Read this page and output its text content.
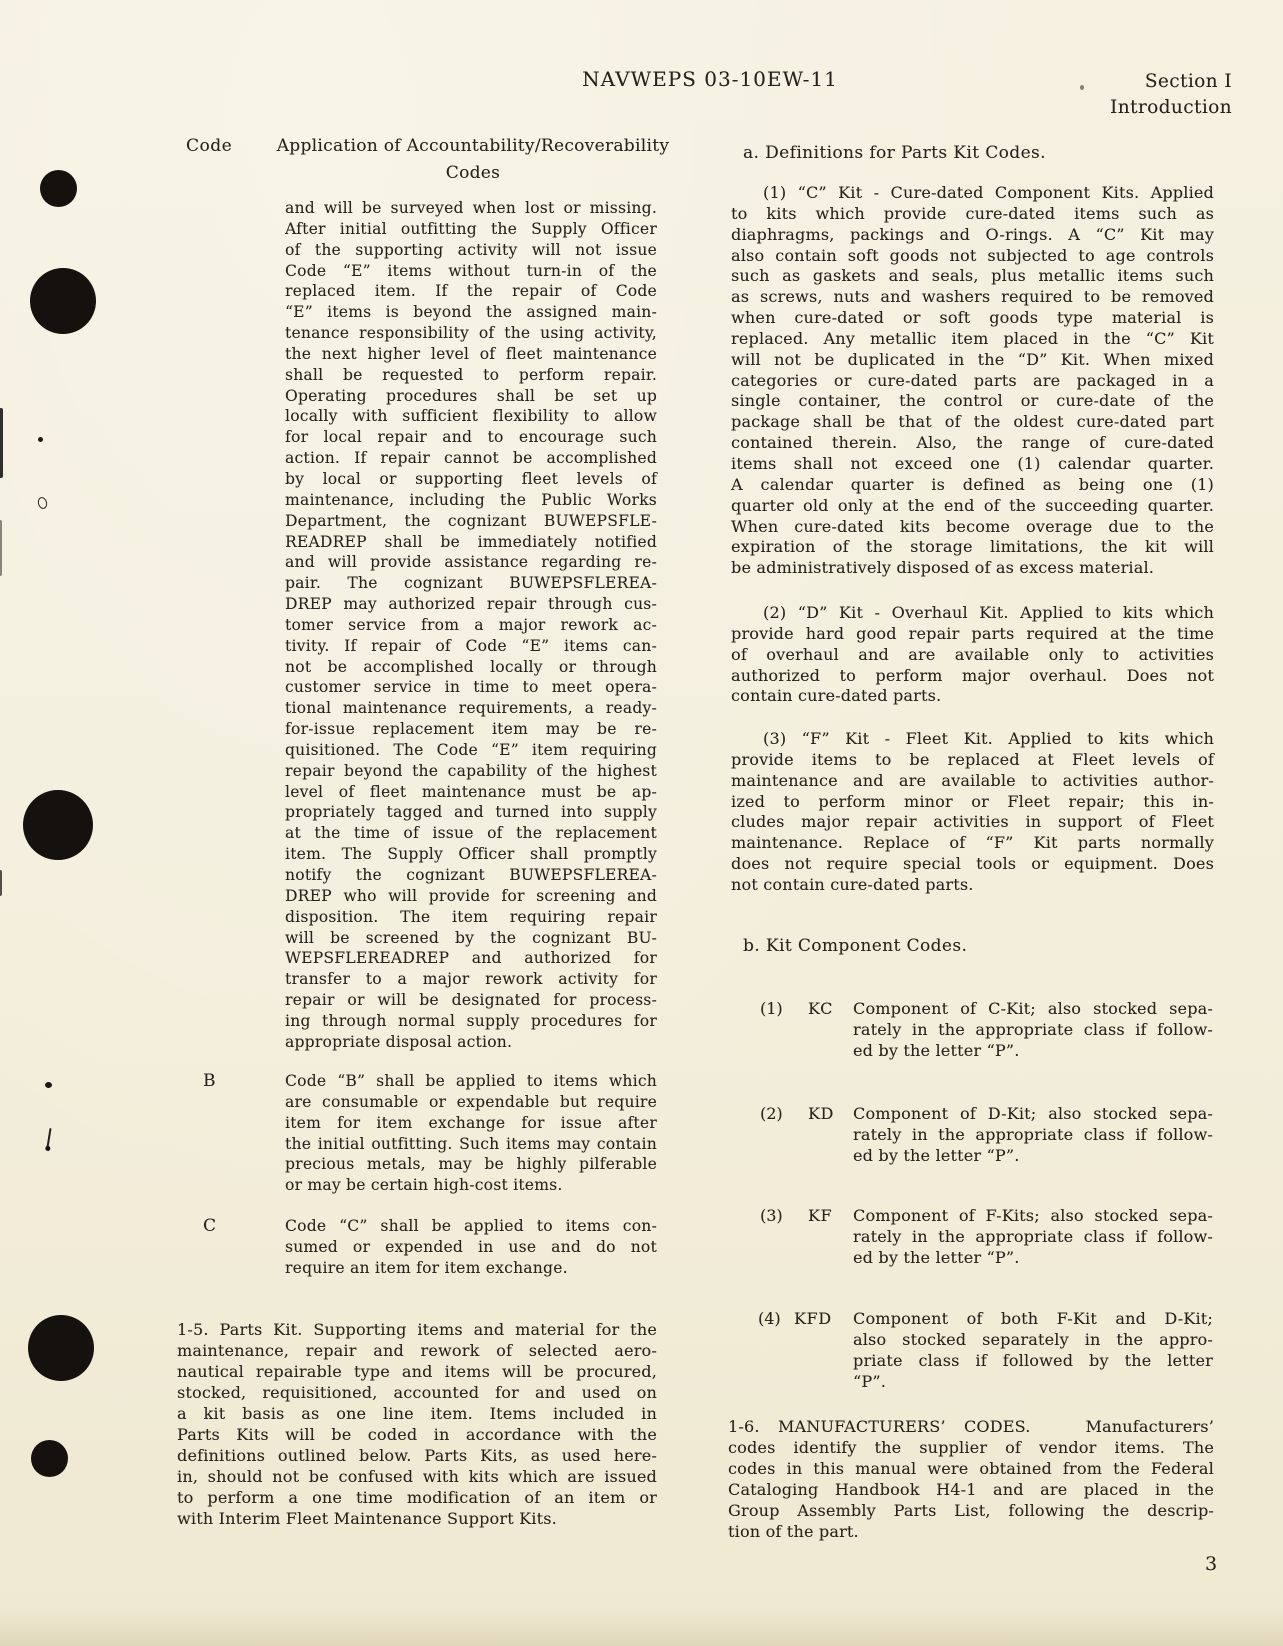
NAVWEPS 03-10EW-11	Section I
Introduction
Code	Application of Accountability/Recoverability
Codes
and will be surveyed when lost or missing.
After initial outfitting the Supply Officer
of the supporting activity will not issue
Code “E” items without turn-in of the
replaced item. If the repair of Code
“E” items is beyond the assigned main-
tenance responsibility of the using activity,
the next higher level of fleet maintenance
shall be requested to perform repair.
Operating procedures shall be set up
locally with sufficient flexibility to allow
for local repair and to encourage such
action. If repair cannot be accomplished
by local or supporting fleet levels of
maintenance, including the Public Works
Department, the cognizant BUWEPSFLE-
READREP shall be immediately notified
and will provide assistance regarding re-
pair. The cognizant BUWEPSFLEREA-
DREP may authorized repair through cus-
tomer service from a major rework ac-
tivity. If repair of Code “E” items can-
not be accomplished locally or through
customer service in time to meet opera-
tional maintenance requirements, a ready-
for-issue replacement item may be re-
quisitioned. The Code “E” item requiring
repair beyond the capability of the highest
level of fleet maintenance must be ap-
propriately tagged and turned into supply
at the time of issue of the replacement
item. The Supply Officer shall promptly
notify the cognizant BUWEPSFLEREA-
DREP who will provide for screening and
disposition. The item requiring repair
will be screened by the cognizant BU-
WEPSFLEREADREP and authorized for
transfer to a major rework activity for
repair or will be designated for process-
ing through normal supply procedures for
appropriate disposal action.
B	Code “B” shall be applied to items which
are consumable or expendable but require
item for item exchange for issue after
the initial outfitting. Such items may contain
precious metals, may be highly pilferable
or may be certain high-cost items.
C	Code “C” shall be applied to items con-
sumed or expended in use and do not
require an item for item exchange.
1-5. Parts Kit. Supporting items and material for the
maintenance, repair and rework of selected aero-
nautical repairable type and items will be procured,
stocked, requisitioned, accounted for and used on
a kit basis as one line item. Items included in
Parts Kits will be coded in accordance with the
definitions outlined below. Parts Kits, as used here-
in, should not be confused with kits which are issued
to perform a one time modification of an item or
with Interim Fleet Maintenance Support Kits.
a. Definitions for Parts Kit Codes.
(1) “C” Kit - Cure-dated Component Kits. Applied
to kits which provide cure-dated items such as
diaphragms, packings and O-rings. A “C” Kit may
also contain soft goods not subjected to age controls
such as gaskets and seals, plus metallic items such
as screws, nuts and washers required to be removed
when cure-dated or soft goods type material is
replaced. Any metallic item placed in the “C” Kit
will not be duplicated in the “D” Kit. When mixed
categories or cure-dated parts are packaged in a
single container, the control or cure-date of the
package shall be that of the oldest cure-dated part
contained therein. Also, the range of cure-dated
items shall not exceed one (1) calendar quarter.
A calendar quarter is defined as being one (1)
quarter old only at the end of the succeeding quarter.
When cure-dated kits become overage due to the
expiration of the storage limitations, the kit will
be administratively disposed of as excess material.
(2) “D” Kit - Overhaul Kit. Applied to kits which
provide hard good repair parts required at the time
of overhaul and are available only to activities
authorized to perform major overhaul. Does not
contain cure-dated parts.
(3) “F” Kit - Fleet Kit. Applied to kits which
provide items to be replaced at Fleet levels of
maintenance and are available to activities author-
ized to perform minor or Fleet repair; this in-
cludes major repair activities in support of Fleet
maintenance. Replace of “F” Kit parts normally
does not require special tools or equipment. Does
not contain cure-dated parts.
b. Kit Component Codes.
(1) KC Component of C-Kit; also stocked sepa-
rately in the appropriate class if follow-
ed by the letter “P”.
(2) KD Component of D-Kit; also stocked sepa-
rately in the appropriate class if follow-
ed by the letter “P”.
(3) KF Component of F-Kits; also stocked sepa-
rately in the appropriate class if follow-
ed by the letter “P”.
(4) KFD Component of both F-Kit and D-Kit;
also stocked separately in the appro-
priate class if followed by the letter
“P”.
1-6. MANUFACTURERS’ CODES.   Manufacturers’
codes identify the supplier of vendor items. The
codes in this manual were obtained from the Federal
Cataloging Handbook H4-1 and are placed in the
Group Assembly Parts List, following the descrip-
tion of the part.
3
